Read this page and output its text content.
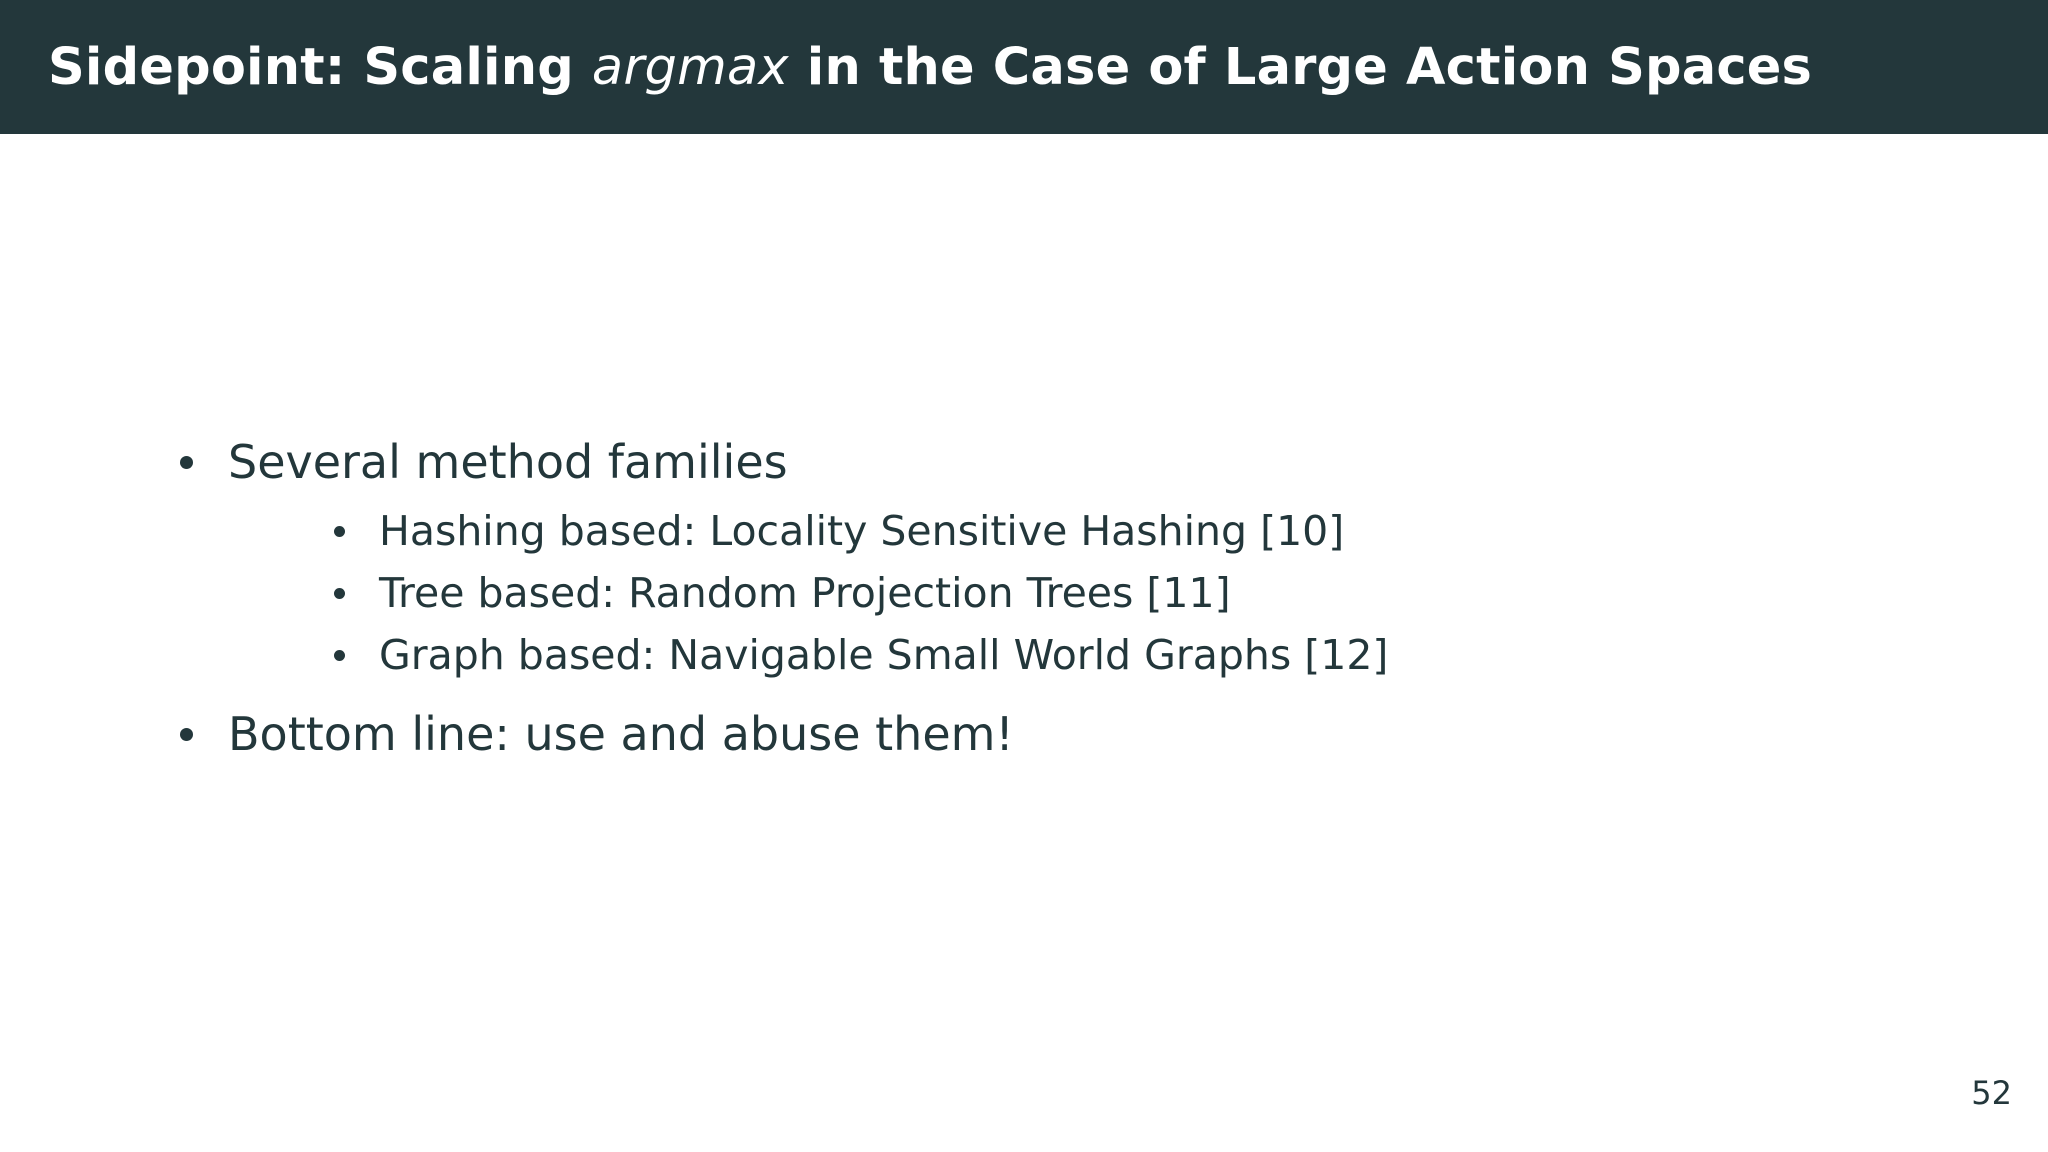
Sidepoint: Scaling argmax in the Case of Large Action Spaces
Several method families
Hashing based: Locality Sensitive Hashing [10]
Tree based: Random Projection Trees [11]
Graph based: Navigable Small World Graphs [12]
Bottom line: use and abuse them!
52
